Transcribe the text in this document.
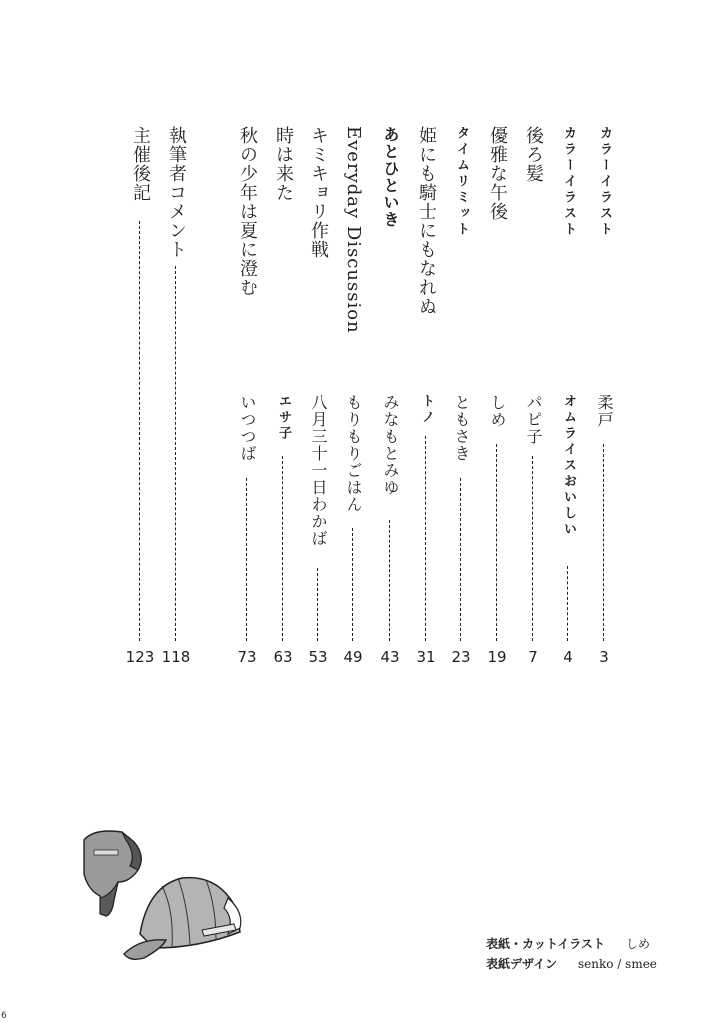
カラーイラスト
柔戸
カラーイラスト
オムライスおいしい
後ろ髪
パピ子
優雅な午後
しめ
タイムリミット
ともさき
姫にも騎士にもなれぬ
トノ
あとひといき
みなもとみゆ
Everyday Discussion
もりもりごはん
キミキョリ作戦
八月三十一日わかば
時は来た
エサ子
秋の少年は夏に澄む
いつつば
執筆者コメント
主催後記
3
4
7
19
23
31
43
49
53
63
73
118
123
表紙・カットイラスト しめ
表紙デザイン senko / smee
6
